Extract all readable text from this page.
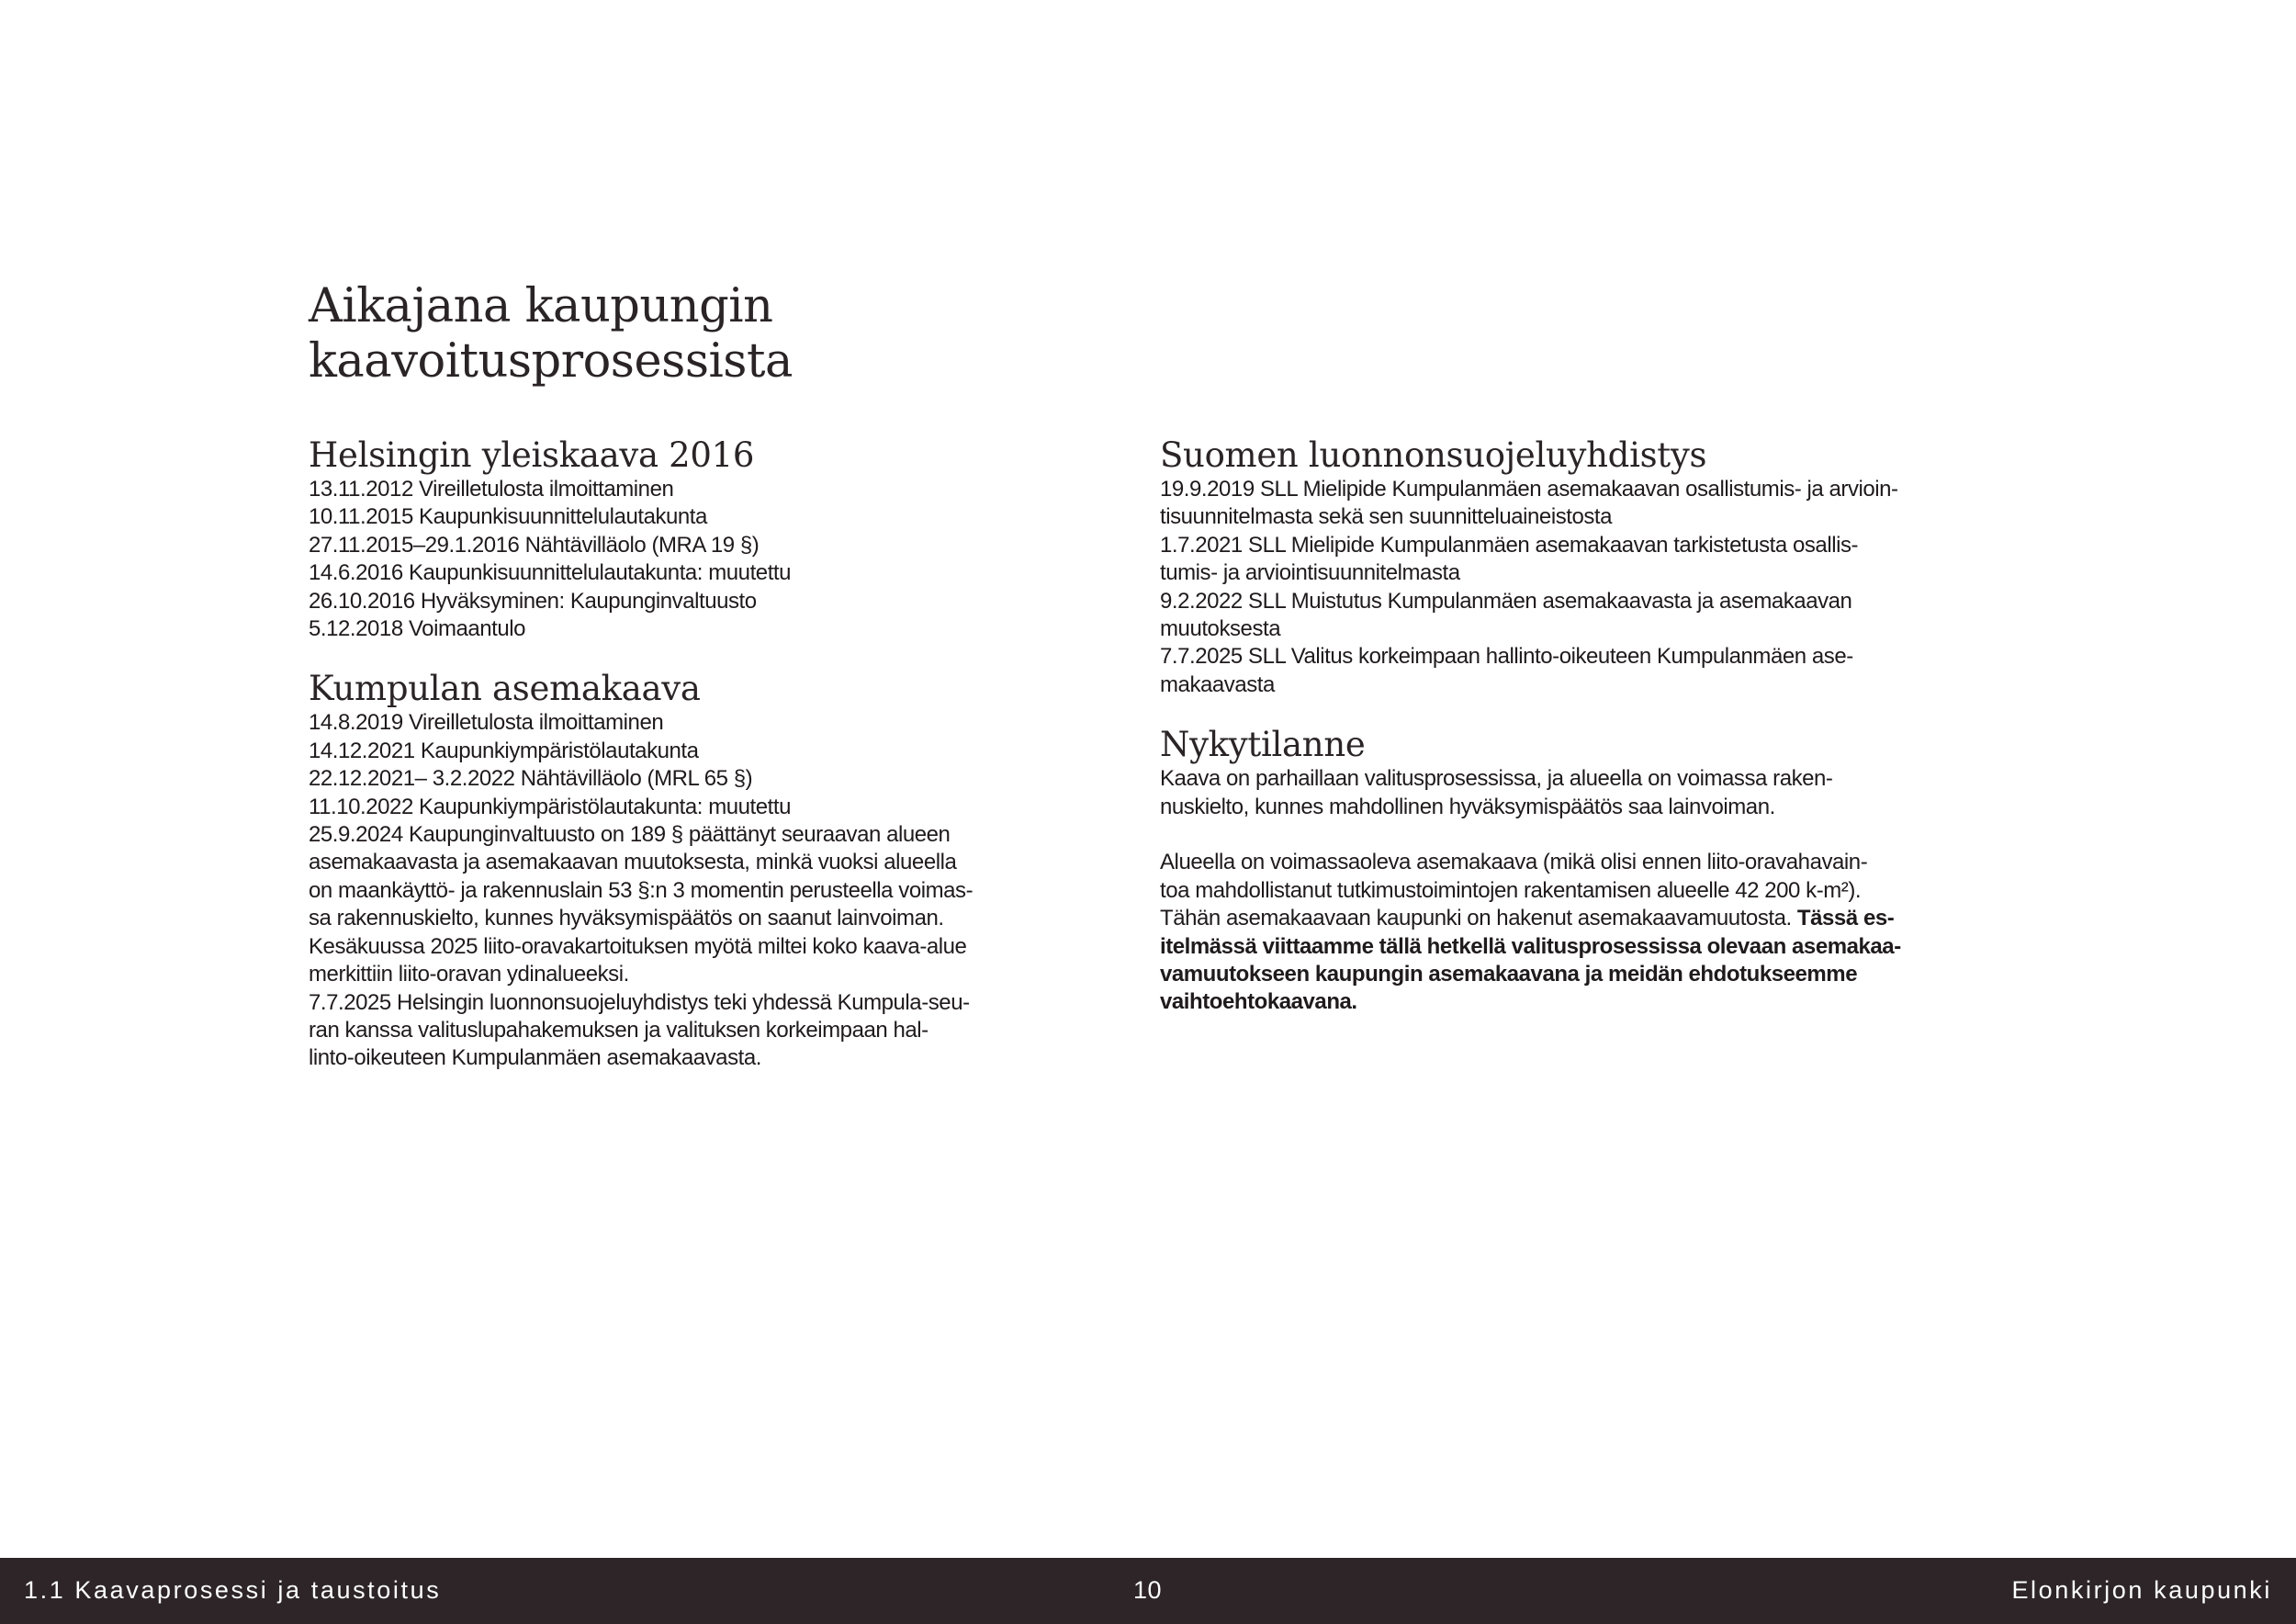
Aikajana kaupungin
kaavoitusprosessista
Helsingin yleiskaava 2016
13.11.2012 Vireilletulosta ilmoittaminen
10.11.2015 Kaupunkisuunnittelulautakunta
27.11.2015–29.1.2016 Nähtävilläolo (MRA 19 §)
14.6.2016 Kaupunkisuunnittelulautakunta: muutettu
26.10.2016 Hyväksyminen: Kaupunginvaltuusto
5.12.2018 Voimaantulo
Kumpulan asemakaava
14.8.2019 Vireilletulosta ilmoittaminen
14.12.2021 Kaupunkiympäristölautakunta
22.12.2021– 3.2.2022 Nähtävilläolo (MRL 65 §)
11.10.2022 Kaupunkiympäristölautakunta: muutettu
25.9.2024 Kaupunginvaltuusto on 189 § päättänyt seuraavan alueen
asemakaavasta ja asemakaavan muutoksesta, minkä vuoksi alueella
on maankäyttö- ja rakennuslain 53 §:n 3 momentin perusteella voimas-
sa rakennuskielto, kunnes hyväksymispäätös on saanut lainvoiman.
Kesäkuussa 2025 liito-oravakartoituksen myötä miltei koko kaava-alue
merkittiin liito-oravan ydinalueeksi.
7.7.2025 Helsingin luonnonsuojeluyhdistys teki yhdessä Kumpula-seu-
ran kanssa valituslupahakemuksen ja valituksen korkeimpaan hal-
linto-oikeuteen Kumpulanmäen asemakaavasta.
Suomen luonnonsuojeluyhdistys
19.9.2019 SLL Mielipide Kumpulanmäen asemakaavan osallistumis- ja arvioin-
tisuunnitelmasta sekä sen suunnitteluaineistosta
1.7.2021 SLL Mielipide Kumpulanmäen asemakaavan tarkistetusta osallis-
tumis- ja arviointisuunnitelmasta
9.2.2022 SLL Muistutus Kumpulanmäen asemakaavasta ja asemakaavan
muutoksesta
7.7.2025 SLL Valitus korkeimpaan hallinto-oikeuteen Kumpulanmäen ase-
makaavasta
Nykytilanne
Kaava on parhaillaan valitusprosessissa, ja alueella on voimassa raken-
nuskielto, kunnes mahdollinen hyväksymispäätös saa lainvoiman.
Alueella on voimassaoleva asemakaava (mikä olisi ennen liito-oravahavain-
toa mahdollistanut tutkimustoimintojen rakentamisen alueelle 42 200 k-m²).
Tähän asemakaavaan kaupunki on hakenut asemakaavamuutosta. Tässä es-
itelmässä viittaamme tällä hetkellä valitusprosessissa olevaan asemakaa-
vamuutokseen kaupungin asemakaavana ja meidän ehdotukseemme
vaihtoehtokaavana.
1.1 Kaavaprosessi ja taustoitus	10	Elonkirjon kaupunki
